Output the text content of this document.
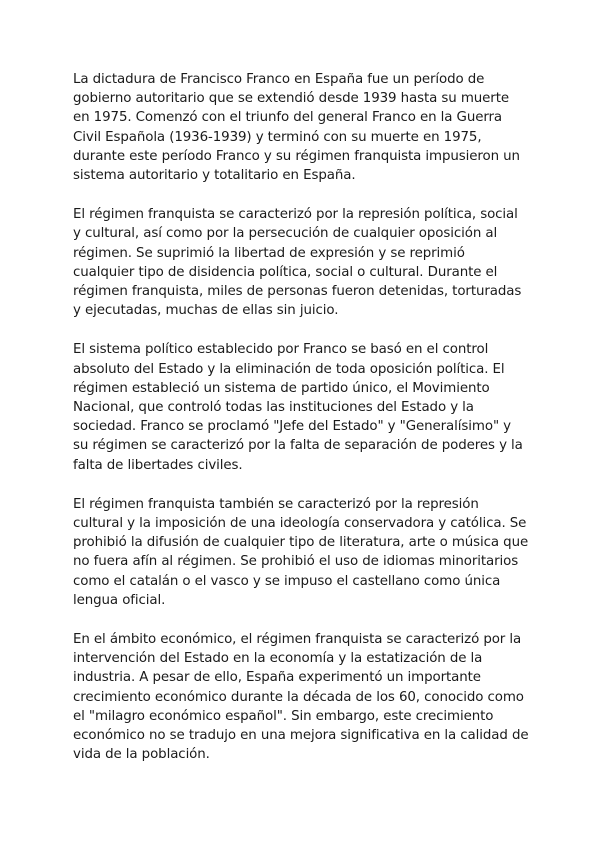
La dictadura de Francisco Franco en España fue un período de gobierno autoritario que se extendió desde 1939 hasta su muerte en 1975. Comenzó con el triunfo del general Franco en la Guerra Civil Española (1936-1939) y terminó con su muerte en 1975, durante este período Franco y su régimen franquista impusieron un sistema autoritario y totalitario en España.

El régimen franquista se caracterizó por la represión política, social y cultural, así como por la persecución de cualquier oposición al régimen. Se suprimió la libertad de expresión y se reprimió cualquier tipo de disidencia política, social o cultural. Durante el régimen franquista, miles de personas fueron detenidas, torturadas y ejecutadas, muchas de ellas sin juicio.

El sistema político establecido por Franco se basó en el control absoluto del Estado y la eliminación de toda oposición política. El régimen estableció un sistema de partido único, el Movimiento Nacional, que controló todas las instituciones del Estado y la sociedad. Franco se proclamó "Jefe del Estado" y "Generalísimo" y su régimen se caracterizó por la falta de separación de poderes y la falta de libertades civiles.

El régimen franquista también se caracterizó por la represión cultural y la imposición de una ideología conservadora y católica. Se prohibió la difusión de cualquier tipo de literatura, arte o música que no fuera afín al régimen. Se prohibió el uso de idiomas minoritarios como el catalán o el vasco y se impuso el castellano como única lengua oficial.

En el ámbito económico, el régimen franquista se caracterizó por la intervención del Estado en la economía y la estatización de la industria. A pesar de ello, España experimentó un importante crecimiento económico durante la década de los 60, conocido como el "milagro económico español". Sin embargo, este crecimiento económico no se tradujo en una mejora significativa en la calidad de vida de la población.
